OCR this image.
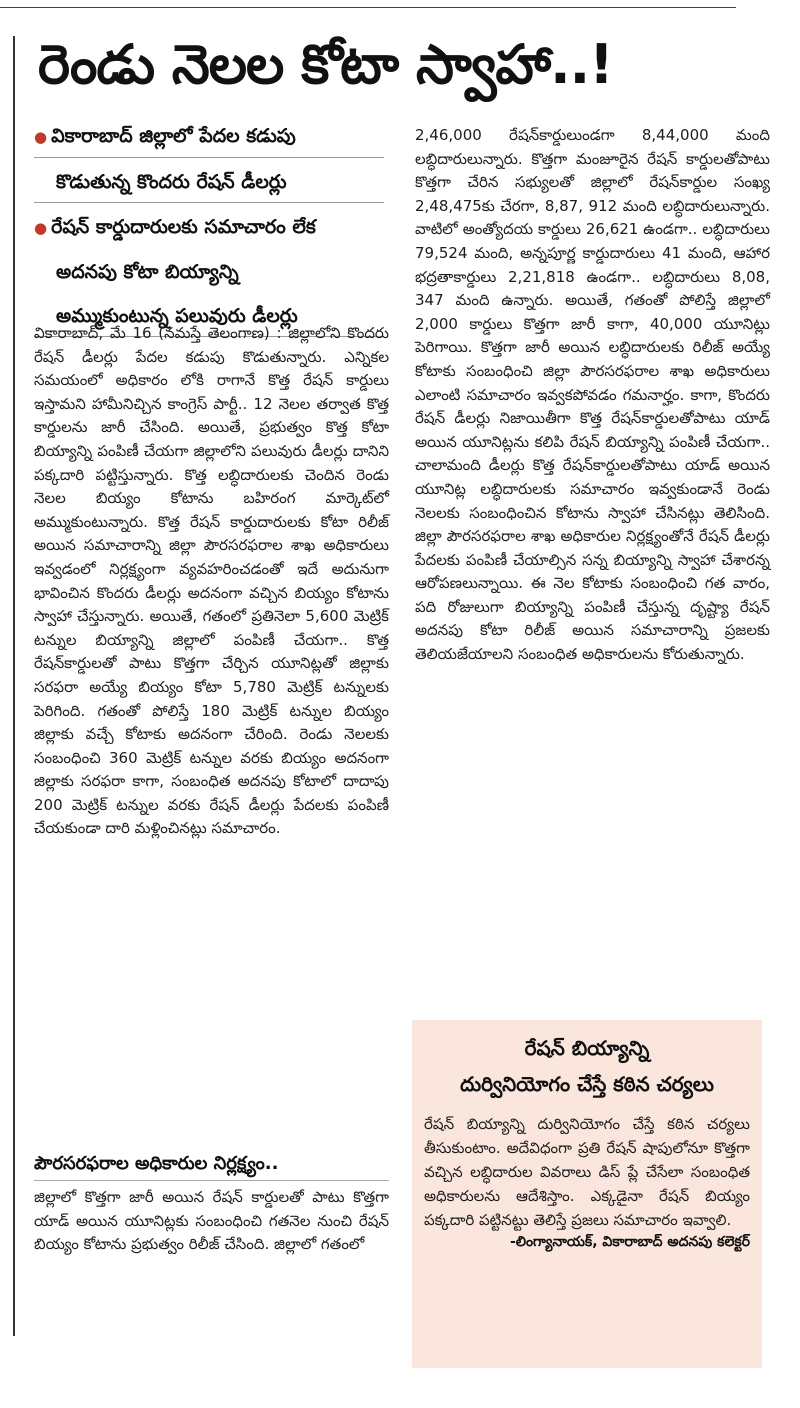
రెండు నెలల కోటా స్వాహా..!
● వికారాబాద్ జిల్లాలో పేదల కడుపు
కొడుతున్న కొందరు రేషన్ డీలర్లు
● రేషన్ కార్డుదారులకు సమాచారం లేక
అదనపు కోటా బియ్యాన్ని
అమ్ముకుంటున్న పలువురు డీలర్లు

వికారాబాద్, మే 16 (నమస్తే తెలంగాణ) : జిల్లాలోని కొందరు రేషన్ డీలర్లు పేదల కడుపు కొడుతున్నారు. ఎన్నికల సమయంలో అధికారం లోకి రాగానే కొత్త రేషన్ కార్డులు ఇస్తామని హామీనిచ్చిన కాంగ్రెస్ పార్టీ.. 12 నెలల తర్వాత కొత్త కార్డులను జారీ చేసింది. అయితే, ప్రభుత్వం కొత్త కోటా బియ్యాన్ని పంపిణీ చేయగా జిల్లాలోని పలువురు డీలర్లు దానిని పక్కదారి పట్టిస్తున్నారు. కొత్త లబ్ధిదారులకు చెందిన రెండు నెలల బియ్యం కోటాను బహిరంగ మార్కెట్‌లో అమ్ముకుంటున్నారు. కొత్త రేషన్ కార్డుదారులకు కోటా రిలీజ్ అయిన సమాచారాన్ని జిల్లా పౌరసరఫరాల శాఖ అధికారులు ఇవ్వడంలో నిర్లక్ష్యంగా వ్యవహరించడంతో ఇదే అదునుగా భావించిన కొందరు డీలర్లు అదనంగా వచ్చిన బియ్యం కోటాను స్వాహా చేస్తున్నారు. అయితే, గతంలో ప్రతినెలా 5,600 మెట్రిక్ టన్నుల బియ్యాన్ని జిల్లాలో పంపిణీ చేయగా.. కొత్త రేషన్‌కార్డులతో పాటు కొత్తగా చేర్చిన యూనిట్లతో జిల్లాకు సరఫరా అయ్యే బియ్యం కోటా 5,780 మెట్రిక్ టన్నులకు పెరిగింది. గతంతో పోలిస్తే 180 మెట్రిక్ టన్నుల బియ్యం జిల్లాకు వచ్చే కోటాకు అదనంగా చేరింది. రెండు నెలలకు సంబంధించి 360 మెట్రిక్ టన్నుల వరకు బియ్యం అదనంగా జిల్లాకు సరఫరా కాగా, సంబంధిత అదనపు కోటాలో దాదాపు 200 మెట్రిక్ టన్నుల వరకు రేషన్ డీలర్లు పేదలకు పంపిణీ చేయకుండా దారి మళ్లించినట్లు సమాచారం.

పౌరసరఫరాల అధికారుల నిర్లక్ష్యం..

జిల్లాలో కొత్తగా జారీ అయిన రేషన్ కార్డులతో పాటు కొత్తగా యాడ్ అయిన యూనిట్లకు సంబంధించి గతనెల నుంచి రేషన్ బియ్యం కోటాను ప్రభుత్వం రిలీజ్ చేసింది. జిల్లాలో గతంలో

2,46,000 రేషన్‌కార్డులుండగా 8,44,000 మంది లబ్ధిదారులున్నారు. కొత్తగా మంజూరైన రేషన్ కార్డులతోపాటు కొత్తగా చేరిన సభ్యులతో జిల్లాలో రేషన్‌కార్డుల సంఖ్య 2,48,475కు చేరగా, 8,87, 912 మంది లబ్ధిదారులున్నారు. వాటిలో అంత్యోదయ కార్డులు 26,621 ఉండగా.. లబ్ధిదారులు 79,524 మంది, అన్నపూర్ణ కార్డుదారులు 41 మంది, ఆహార భద్రతాకార్డులు 2,21,818 ఉండగా.. లబ్ధిదారులు 8,08, 347 మంది ఉన్నారు. అయితే, గతంతో పోలిస్తే జిల్లాలో 2,000 కార్డులు కొత్తగా జారీ కాగా, 40,000 యూనిట్లు పెరిగాయి. కొత్తగా జారీ అయిన లబ్ధిదారులకు రిలీజ్ అయ్యే కోటాకు సంబంధించి జిల్లా పౌరసరఫరాల శాఖ అధికారులు ఎలాంటి సమాచారం ఇవ్వకపోవడం గమనార్హం. కాగా, కొందరు రేషన్ డీలర్లు నిజాయితీగా కొత్త రేషన్‌కార్డులతోపాటు యాడ్ అయిన యూనిట్లను కలిపి రేషన్ బియ్యాన్ని పంపిణీ చేయగా.. చాలామంది డీలర్లు కొత్త రేషన్‌కార్డులతోపాటు యాడ్ అయిన యూనిట్ల లబ్ధిదారులకు సమాచారం ఇవ్వకుండానే రెండు నెలలకు సంబంధించిన కోటాను స్వాహా చేసినట్లు తెలిసింది. జిల్లా పౌరసరఫరాల శాఖ అధికారుల నిర్లక్ష్యంతోనే రేషన్ డీలర్లు పేదలకు పంపిణీ చేయాల్సిన సన్న బియ్యాన్ని స్వాహా చేశారన్న ఆరోపణలున్నాయి. ఈ నెల కోటాకు సంబంధించి గత వారం, పది రోజులుగా బియ్యాన్ని పంపిణీ చేస్తున్న దృష్ట్యా రేషన్ అదనపు కోటా రిలీజ్ అయిన సమాచారాన్ని ప్రజలకు తెలియజేయాలని సంబంధిత అధికారులను కోరుతున్నారు.

రేషన్ బియ్యాన్ని
దుర్వినియోగం చేస్తే కఠిన చర్యలు

రేషన్ బియ్యాన్ని దుర్వినియోగం చేస్తే కఠిన చర్యలు తీసుకుంటాం. అదేవిధంగా ప్రతి రేషన్ షాపులోనూ కొత్తగా వచ్చిన లబ్ధిదారుల వివరాలు డిస్ ప్లే చేసేలా సంబంధిత అధికారులను ఆదేశిస్తాం. ఎక్కడైనా రేషన్ బియ్యం పక్కదారి పట్టినట్టు తెలిస్తే ప్రజలు సమాచారం ఇవ్వాలి.

-లింగ్యానాయక్, వికారాబాద్ అదనపు కలెక్టర్
